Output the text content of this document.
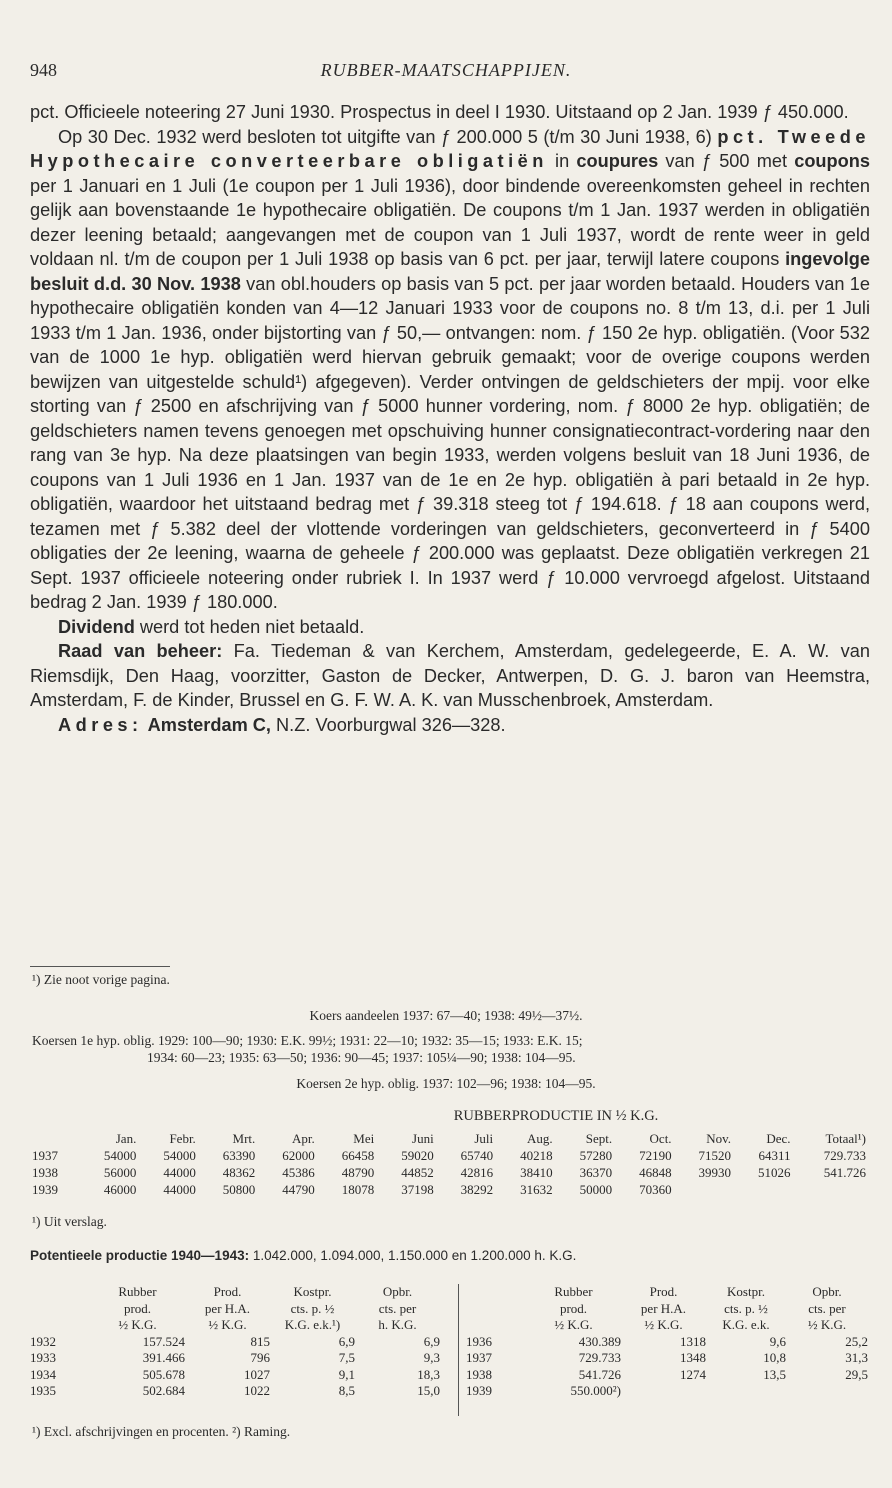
948	RUBBER-MAATSCHAPPIJEN.

pct. Officieele noteering 27 Juni 1930. Prospectus in deel I 1930. Uitstaand op 2 Jan. 1939 ƒ 450.000.

Op 30 Dec. 1932 werd besloten tot uitgifte van ƒ 200.000 5 (t/m 30 Juni 1938, 6) pct. Tweede Hypothecaire converteerbare obligatiën in coupures van ƒ 500 met coupons per 1 Januari en 1 Juli (1e coupon per 1 Juli 1936), door bindende overeenkomsten geheel in rechten gelijk aan bovenstaande 1e hypothecaire obligatiën. De coupons t/m 1 Jan. 1937 werden in obligatiën dezer leening betaald; aangevangen met de coupon van 1 Juli 1937, wordt de rente weer in geld voldaan nl. t/m de coupon per 1 Juli 1938 op basis van 6 pct. per jaar, terwijl latere coupons ingevolge besluit d.d. 30 Nov. 1938 van obl.houders op basis van 5 pct. per jaar worden betaald. Houders van 1e hypothecaire obligatiën konden van 4—12 Januari 1933 voor de coupons no. 8 t/m 13, d.i. per 1 Juli 1933 t/m 1 Jan. 1936, onder bijstorting van ƒ 50,— ontvangen: nom. ƒ 150 2e hyp. obligatiën. (Voor 532 van de 1000 1e hyp. obligatiën werd hiervan gebruik gemaakt; voor de overige coupons werden bewijzen van uitgestelde schuld¹) afgegeven). Verder ontvingen de geldschieters der mpij. voor elke storting van ƒ 2500 en afschrijving van ƒ 5000 hunner vordering, nom. ƒ 8000 2e hyp. obligatiën; de geldschieters namen tevens genoegen met opschuiving hunner consignatiecontract-vordering naar den rang van 3e hyp. Na deze plaatsingen van begin 1933, werden volgens besluit van 18 Juni 1936, de coupons van 1 Juli 1936 en 1 Jan. 1937 van de 1e en 2e hyp. obligatiën à pari betaald in 2e hyp. obligatiën, waardoor het uitstaand bedrag met ƒ 39.318 steeg tot ƒ 194.618. ƒ 18 aan coupons werd, tezamen met ƒ 5.382 deel der vlottende vorderingen van geldschieters, geconverteerd in ƒ 5400 obligaties der 2e leening, waarna de geheele ƒ 200.000 was geplaatst. Deze obligatiën verkregen 21 Sept. 1937 officieele noteering onder rubriek I. In 1937 werd ƒ 10.000 vervroegd afgelost. Uitstaand bedrag 2 Jan. 1939 ƒ 180.000.

Dividend werd tot heden niet betaald.

Raad van beheer: Fa. Tiedeman & van Kerchem, Amsterdam, gedelegeerde, E. A. W. van Riemsdijk, Den Haag, voorzitter, Gaston de Decker, Antwerpen, D. G. J. baron van Heemstra, Amsterdam, F. de Kinder, Brussel en G. F. W. A. K. van Musschenbroek, Amsterdam.

Adres: Amsterdam C, N.Z. Voorburgwal 326—328.

¹) Zie noot vorige pagina.
Koers aandeelen 1937: 67—40; 1938: 49½—37½.
Koersen 1e hyp. oblig. 1929: 100—90; 1930: E.K. 99½; 1931: 22—10; 1932: 35—15; 1933: E.K. 15;
1934: 60—23; 1935: 63—50; 1936: 90—45; 1937: 105¼—90; 1938: 104—95.
Koersen 2e hyp. oblig. 1937: 102—96; 1938: 104—95.
RUBBERPRODUCTIE IN ½ K.G.
	Jan.	Febr.	Mrt.	Apr.	Mei	Juni	Juli	Aug.	Sept.	Oct.	Nov.	Dec.	Totaal¹)
1937	54000	54000	63390	62000	66458	59020	65740	40218	57280	72190	71520	64311	729.733
1938	56000	44000	48362	45386	48790	44852	42816	38410	36370	46848	39930	51026	541.726
1939	46000	44000	50800	44790	18078	37198	38292	31632	50000	70360			
¹) Uit verslag.
Potentieele productie 1940—1943: 1.042.000, 1.094.000, 1.150.000 en 1.200.000 h. K.G.
	Rubber	Prod.	Kostpr.	Opbr.
	prod.	per H.A.	cts. p. ½	cts. per
	½ K.G.	½ K.G.	K.G. e.k.¹)	h. K.G.
1932	157.524	815	6,9	6,9
1933	391.466	796	7,5	9,3
1934	505.678	1027	9,1	18,3
1935	502.684	1022	8,5	15,0
	Rubber	Prod.	Kostpr.	Opbr.
	prod.	per H.A.	cts. p. ½	cts. per
	½ K.G.	½ K.G.	K.G. e.k.	½ K.G.
1936	430.389	1318	9,6	25,2
1937	729.733	1348	10,8	31,3
1938	541.726	1274	13,5	29,5
1939	550.000²)			
¹) Excl. afschrijvingen en procenten. ²) Raming.
